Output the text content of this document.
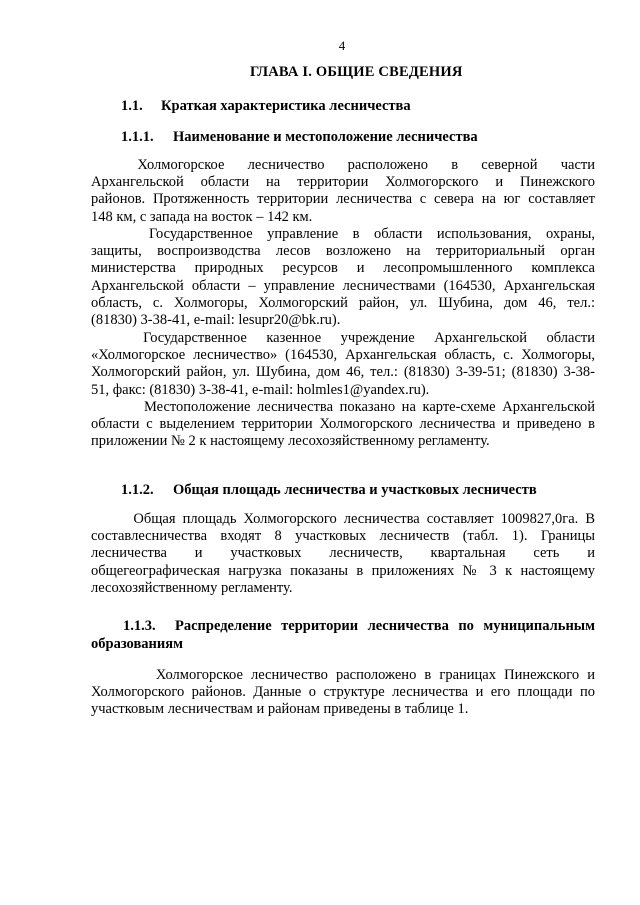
4
ГЛАВА I. ОБЩИЕ СВЕДЕНИЯ
1.1. Краткая характеристика лесничества
1.1.1. Наименование и местоположение лесничества
Холмогорское    лесничество    расположено    в    северной    части
Архангельской области на территории Холмогорского и Пинежского
районов. Протяженность территории лесничества с севера на юг составляет
148 км, с запада на восток – 142 км.
Государственное  управление  в  области  использования,  охраны,
защиты, воспроизводства лесов возложено на территориальный орган
министерства природных ресурсов и лесопромышленного комплекса
Архангельской области – управление лесничествами (164530, Архангельская
область, с. Холмогоры, Холмогорский район, ул. Шубина, дом 46, тел.:
(81830) 3-38-41, e-mail: lesupr20@bk.ru).
Государственное   казенное   учреждение   Архангельской   области
«Холмогорское лесничество» (164530, Архангельская область, с. Холмогоры,
Холмогорский район, ул. Шубина, дом 46, тел.: (81830) 3-39-51; (81830) 3-38-
51, факс: (81830) 3-38-41, e-mail: holmles1@yandex.ru).
Местоположение лесничества показано на карте-схеме Архангельской
области с выделением территории Холмогорского лесничества и приведено в
приложении № 2 к настоящему лесохозяйственному регламенту.
1.1.2. Общая площадь лесничества и участковых лесничеств
Общая площадь Холмогорского лесничества составляет 1009827,0га. В
составлесничества входят 8 участковых лесничеств (табл. 1). Границы
лесничества и участковых лесничеств, квартальная сеть и
общегеографическая нагрузка показаны в приложениях № 3 к настоящему
лесохозяйственному регламенту.
1.1.3. Распределение территории лесничества по муниципальным
образованиям
Холмогорское лесничество расположено в границах Пинежского и
Холмогорского районов. Данные о структуре лесничества и его площади по
участковым лесничествам и районам приведены в таблице 1.
